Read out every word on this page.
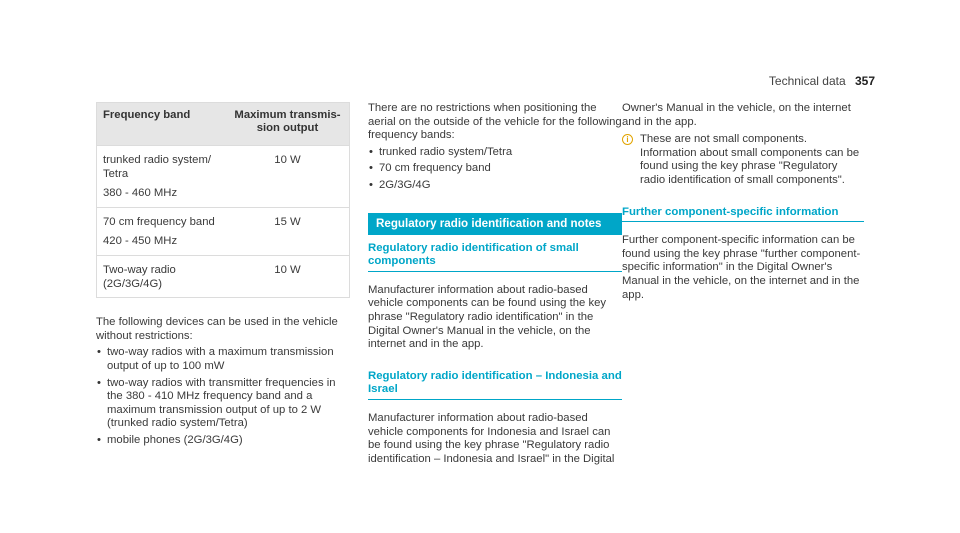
Technical data 357
Frequency band	Maximum transmis-
sion output

trunked radio system/
Tetra
380 - 460 MHz	10 W

70 cm frequency band
420 - 450 MHz	15 W

Two-way radio
(2G/3G/4G)	10 W

The following devices can be used in the vehicle without restrictions:

• two-way radios with a maximum transmission output of up to 100 mW
• two-way radios with transmitter frequencies in the 380 - 410 MHz frequency band and a maximum transmission output of up to 2 W (trunked radio system/Tetra)
• mobile phones (2G/3G/4G)

There are no restrictions when positioning the aerial on the outside of the vehicle for the following frequency bands:

• trunked radio system/Tetra
• 70 cm frequency band
• 2G/3G/4G
Regulatory radio identification and notes
Regulatory radio identification of small components

Manufacturer information about radio-based vehicle components can be found using the key phrase "Regulatory radio identification" in the Digital Owner's Manual in the vehicle, on the internet and in the app.

Regulatory radio identification – Indonesia and Israel

Manufacturer information about radio-based vehicle components for Indonesia and Israel can be found using the key phrase "Regulatory radio identification – Indonesia and Israel" in the Digital

Owner's Manual in the vehicle, on the internet and in the app.

i	These are not small components. Information about small components can be found using the key phrase "Regulatory radio identification of small components".
Further component-specific information

Further component-specific information can be found using the key phrase "further component-specific information" in the Digital Owner's Manual in the vehicle, on the internet and in the app.
